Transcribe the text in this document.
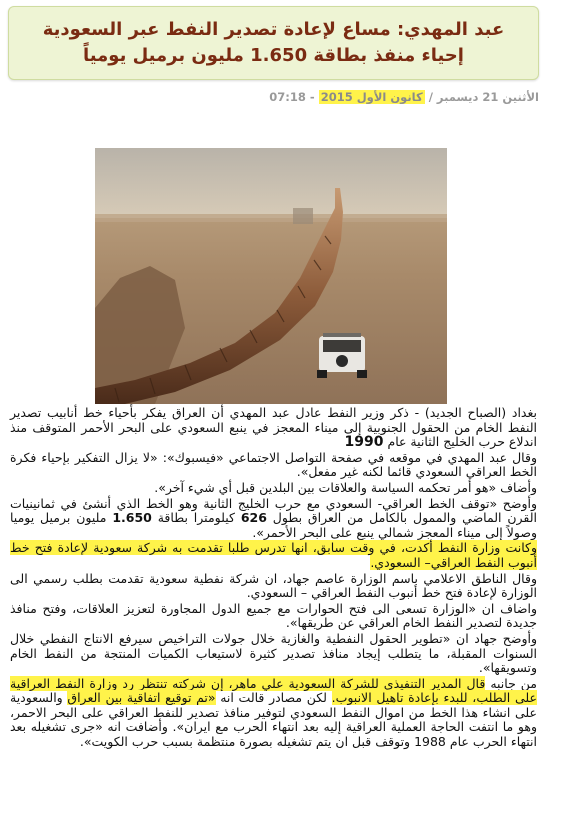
عبد المهدي: مساع لإعادة تصدير النفط عبر السعودية
إحياء منفذ بطاقة 1.650 مليون برميل يومياً
الأثنين 21 ديسمبر / كانون الأول 2015 - 07:18

بغداد (الصباح الجديد) - ذكر وزير النفط عادل عبد المهدي أن العراق يفكر بأحياء خط أنابيب تصدير النفط الخام من الحقول الجنوبية إلى ميناء المعجز في ينبع السعودي على البحر الأحمر المتوقف منذ اندلاع حرب الخليج الثانية عام 1990

وقال عبد المهدي في موقعه في صفحة التواصل الاجتماعي «فيسبوك»: «لا يزال التفكير بإحياء فكرة الخط العراقي السعودي قائما لكنه غير مفعل».

وأضاف «هو أمر تحكمه السياسة والعلاقات بين البلدين قبل أي شيء آخر».

وأوضح «توقف الخط العراقي- السعودي مع حرب الخليج الثانية وهو الخط الذي أنشئ في ثمانينيات القرن الماضي والممول بالكامل من العراق بطول 626 كيلومترا بطاقة 1.650 مليون برميل يوميا وصولاً إلى ميناء المعجز شمالي ينبع على البحر الأحمر».

وكانت وزارة النفط أكدت، في وقت سابق، انها تدرس طلبا تقدمت به شركة سعودية لإعادة فتح خط أنبوب النفط العراقي– السعودي.

وقال الناطق الاعلامي باسم الوزارة عاصم جهاد، ان شركة نفطية سعودية تقدمت بطلب رسمي الى الوزارة لإعادة فتح خط أنبوب النفط العراقي – السعودي.

واضاف ان «الوزارة تسعى الى فتح الحوارات مع جميع الدول المجاورة لتعزيز العلاقات، وفتح منافذ جديدة لتصدير النفط الخام العراقي عن طريقها».

وأوضح جهاد ان «تطوير الحقول النفطية والغازية خلال جولات التراخيص سيرفع الانتاج النفطي خلال السنوات المقبلة، ما يتطلب إيجاد منافذ تصدير كثيرة لاستيعاب الكميات المنتجة من النفط الخام وتسويقها».

من جانبه قال المدير التنفيذي للشركة السعودية علي ماهر، إن شركته تنتظر رد وزارة النفط العراقية على الطلب، للبدء بإعادة تاهيل الانبوب. لكن مصادر قالت انه «تم توقيع اتفاقية بين العراق والسعودية على انشاء هذا الخط من اموال النفط السعودي لتوفير منافذ تصدير للنفط العراقي على البحر الاحمر، وهو ما انتفت الحاجة العملية العراقية إليه بعد انتهاء الحرب مع ايران». وأضافت انه «جرى تشغيله بعد انتهاء الحرب عام 1988 وتوقف قبل ان يتم تشغيله بصورة منتظمة بسبب حرب الكويت».
